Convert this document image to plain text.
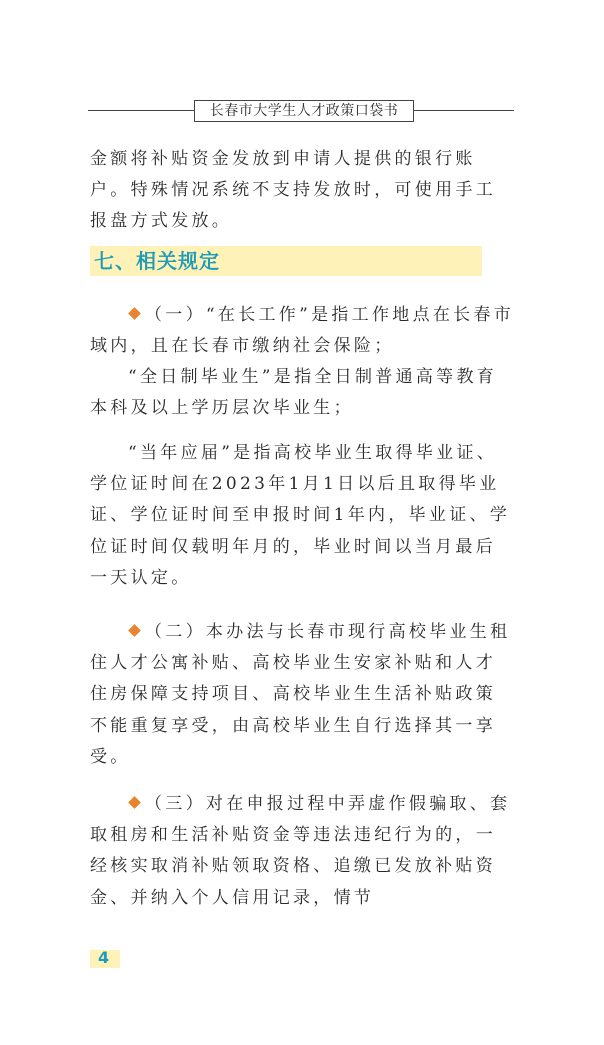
长春市大学生人才政策口袋书

金额将补贴资金发放到申请人提供的银行账户。特殊情况系统不支持发放时，可使用手工报盘方式发放。

七、相关规定

（一）“在长工作”是指工作地点在长春市域内，且在长春市缴纳社会保险；

“全日制毕业生”是指全日制普通高等教育本科及以上学历层次毕业生；

“当年应届”是指高校毕业生取得毕业证、学位证时间在2023年1月1日以后且取得毕业证、学位证时间至申报时间1年内，毕业证、学位证时间仅载明年月的，毕业时间以当月最后一天认定。

（二）本办法与长春市现行高校毕业生租住人才公寓补贴、高校毕业生安家补贴和人才住房保障支持项目、高校毕业生生活补贴政策不能重复享受，由高校毕业生自行选择其一享受。

（三）对在申报过程中弄虚作假骗取、套取租房和生活补贴资金等违法违纪行为的，一经核实取消补贴领取资格、追缴已发放补贴资金、并纳入个人信用记录，情节

4
